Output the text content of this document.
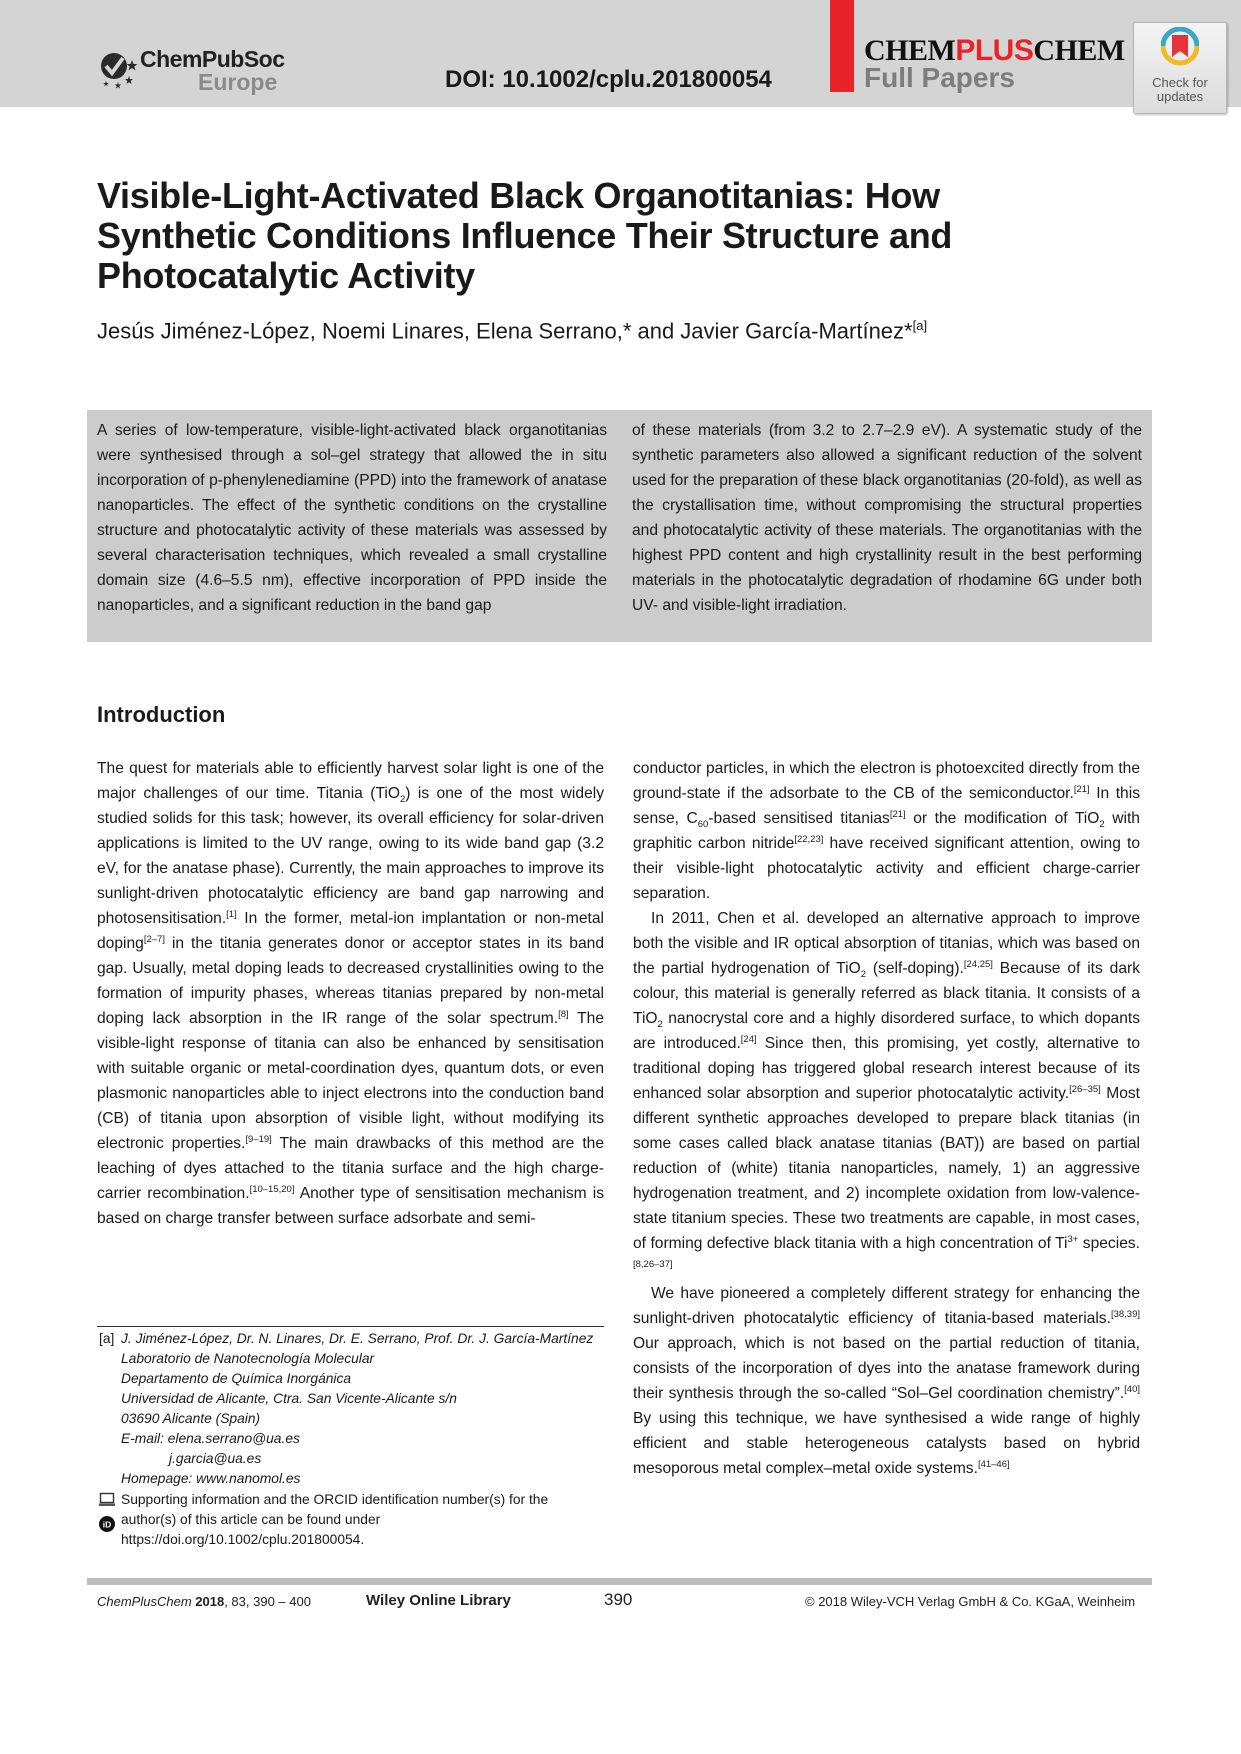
ChemPubSoc
Europe	DOI: 10.1002/cplu.201800054
CHEMPLUSCHEM
Full Papers	Check for
updates
Visible-Light-Activated Black Organotitanias: How Synthetic Conditions Influence Their Structure and Photocatalytic Activity
Jesús Jiménez-López, Noemi Linares, Elena Serrano,* and Javier García-Martínez*[a]
A series of low-temperature, visible-light-activated black organotitanias were synthesised through a sol–gel strategy that allowed the in situ incorporation of p-phenylenediamine (PPD) into the framework of anatase nanoparticles. The effect of the synthetic conditions on the crystalline structure and photocatalytic activity of these materials was assessed by several characterisation techniques, which revealed a small crystalline domain size (4.6–5.5 nm), effective incorporation of PPD inside the nanoparticles, and a significant reduction in the band gap
of these materials (from 3.2 to 2.7–2.9 eV). A systematic study of the synthetic parameters also allowed a significant reduction of the solvent used for the preparation of these black organotitanias (20-fold), as well as the crystallisation time, without compromising the structural properties and photocatalytic activity of these materials. The organotitanias with the highest PPD content and high crystallinity result in the best performing materials in the photocatalytic degradation of rhodamine 6G under both UV- and visible-light irradiation.
Introduction

The quest for materials able to efficiently harvest solar light is one of the major challenges of our time. Titania (TiO$_2$) is one of the most widely studied solids for this task; however, its overall efficiency for solar-driven applications is limited to the UV range, owing to its wide band gap (3.2 eV, for the anatase phase). Currently, the main approaches to improve its sunlight-driven photocatalytic efficiency are band gap narrowing and photosensitisation.[1] In the former, metal-ion implantation or non-metal doping[2–7] in the titania generates donor or acceptor states in its band gap. Usually, metal doping leads to decreased crystallinities owing to the formation of impurity phases, whereas titanias prepared by non-metal doping lack absorption in the IR range of the solar spectrum.[8] The visible-light response of titania can also be enhanced by sensitisation with suitable organic or metal-coordination dyes, quantum dots, or even plasmonic nanoparticles able to inject electrons into the conduction band (CB) of titania upon absorption of visible light, without modifying its electronic properties.[9–19] The main drawbacks of this method are the leaching of dyes attached to the titania surface and the high charge-carrier recombination.[10–15,20] Another type of sensitisation mechanism is based on charge transfer between surface adsorbate and semi-

conductor particles, in which the electron is photoexcited directly from the ground-state if the adsorbate to the CB of the semiconductor.[21] In this sense, $C_{60}$-based sensitised titanias[21] or the modification of TiO$_2$ with graphitic carbon nitride[22,23] have received significant attention, owing to their visible-light photocatalytic activity and efficient charge-carrier separation.

In 2011, Chen et al. developed an alternative approach to improve both the visible and IR optical absorption of titanias, which was based on the partial hydrogenation of TiO$_2$ (self-doping).[24,25] Because of its dark colour, this material is generally referred as black titania. It consists of a TiO$_2$ nanocrystal core and a highly disordered surface, to which dopants are introduced.[24] Since then, this promising, yet costly, alternative to traditional doping has triggered global research interest because of its enhanced solar absorption and superior photocatalytic activity.[26–35] Most different synthetic approaches developed to prepare black titanias (in some cases called black anatase titanias (BAT)) are based on partial reduction of (white) titania nanoparticles, namely, 1) an aggressive hydrogenation treatment, and 2) incomplete oxidation from low-valence-state titanium species. These two treatments are capable, in most cases, of forming defective black titania with a high concentration of $Ti^{3+}$ species.[8,26–37]

We have pioneered a completely different strategy for enhancing the sunlight-driven photocatalytic efficiency of titania-based materials.[38,39] Our approach, which is not based on the partial reduction of titania, consists of the incorporation of dyes into the anatase framework during their synthesis through the so-called “Sol–Gel coordination chemistry”.[40] By using this technique, we have synthesised a wide range of highly efficient and stable heterogeneous catalysts based on hybrid mesoporous metal complex–metal oxide systems.[41–46]

[a] J. Jiménez-López, Dr. N. Linares, Dr. E. Serrano, Prof. Dr. J. García-Martínez
Laboratorio de Nanotecnología Molecular
Departamento de Química Inorgánica
Universidad de Alicante, Ctra. San Vicente-Alicante s/n
03690 Alicante (Spain)
E-mail: elena.serrano@ua.es
j.garcia@ua.es
Homepage: www.nanomol.es

iD
Supporting information and the ORCID identification number(s) for the author(s) of this article can be found under https://doi.org/10.1002/cplu.201800054.
ChemPlusChem 2018, 83, 390 – 400	Wiley Online Library	390	© 2018 Wiley-VCH Verlag GmbH & Co. KGaA, Weinheim
